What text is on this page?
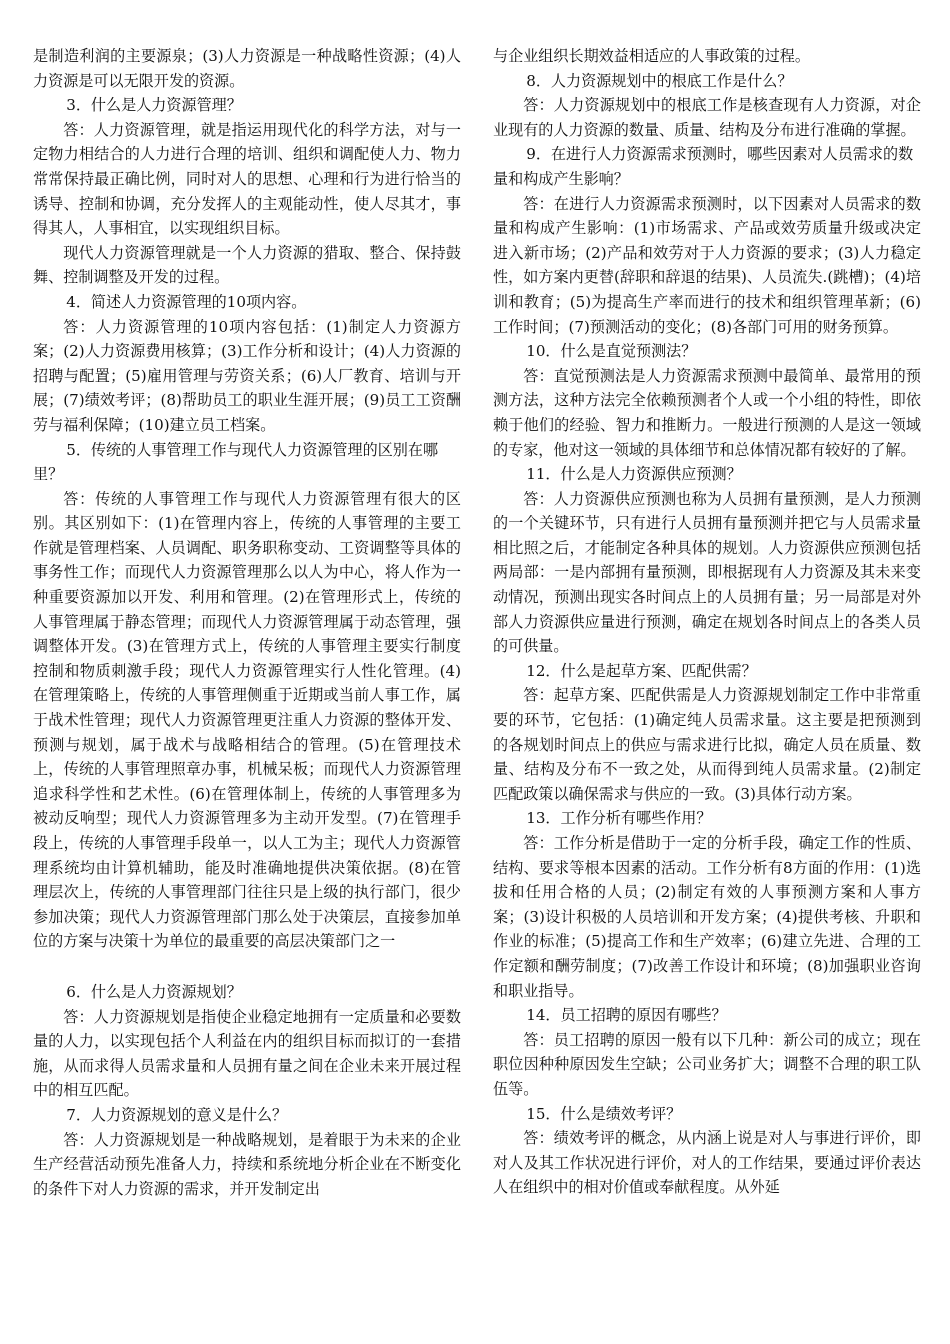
是制造利润的主要源泉；(3)人力资源是一种战略性资源；(4)人力资源是可以无限开发的资源。

3．什么是人力资源管理？

答：人力资源管理，就是指运用现代化的科学方法，对与一定物力相结合的人力进行合理的培训、组织和调配使人力、物力常常保持最正确比例，同时对人的思想、心理和行为进行恰当的诱导、控制和协调，充分发挥人的主观能动性，使人尽其才，事得其人，人事相宜，以实现组织目标。

现代人力资源管理就是一个人力资源的猎取、整合、保持鼓舞、控制调整及开发的过程。

4．简述人力资源管理的10项内容。

答：人力资源管理的10项内容包括：(1)制定人力资源方案；(2)人力资源费用核算；(3)工作分析和设计；(4)人力资源的招聘与配置；(5)雇用管理与劳资关系；(6)人厂教育、培训与开展；(7)绩效考评；(8)帮助员工的职业生涯开展；(9)员工工资酬劳与福利保障；(10)建立员工档案。

5．传统的人事管理工作与现代人力资源管理的区别在哪里？

答：传统的人事管理工作与现代人力资源管理有很大的区别。其区别如下：(1)在管理内容上，传统的人事管理的主要工作就是管理档案、人员调配、职务职称变动、工资调整等具体的事务性工作；而现代人力资源管理那么以人为中心，将人作为一种重要资源加以开发、利用和管理。(2)在管理形式上，传统的人事管理属于静态管理；而现代人力资源管理属于动态管理，强调整体开发。(3)在管理方式上，传统的人事管理主要实行制度控制和物质刺激手段；现代人力资源管理实行人性化管理。(4)在管理策略上，传统的人事管理侧重于近期或当前人事工作，属于战术性管理；现代人力资源管理更注重人力资源的整体开发、预测与规划，属于战术与战略相结合的管理。(5)在管理技术上，传统的人事管理照章办事，机械呆板；而现代人力资源管理追求科学性和艺术性。(6)在管理体制上，传统的人事管理多为被动反响型；现代人力资源管理多为主动开发型。(7)在管理手段上，传统的人事管理手段单一，以人工为主；现代人力资源管理系统均由计算机辅助，能及时准确地提供决策依据。(8)在管理层次上，传统的人事管理部门往往只是上级的执行部门，很少参加决策；现代人力资源管理部门那么处于决策层，直接参加单位的方案与决策十为单位的最重要的高层决策部门之一

6．什么是人力资源规划？

答：人力资源规划是指使企业稳定地拥有一定质量和必要数量的人力，以实现包括个人利益在内的组织目标而拟订的一套措施，从而求得人员需求量和人员拥有量之间在企业未来开展过程中的相互匹配。

7．人力资源规划的意义是什么？

答：人力资源规划是一种战略规划，是着眼于为未来的企业生产经营活动预先准备人力，持续和系统地分析企业在不断变化的条件下对人力资源的需求，并开发制定出

与企业组织长期效益相适应的人事政策的过程。

8．人力资源规划中的根底工作是什么？

答：人力资源规划中的根底工作是核查现有人力资源，对企业现有的人力资源的数量、质量、结构及分布进行准确的掌握。

9．在进行人力资源需求预测时，哪些因素对人员需求的数量和构成产生影响？

答：在进行人力资源需求预测时，以下因素对人员需求的数量和构成产生影响：(1)市场需求、产品或效劳质量升级或决定进入新市场；(2)产品和效劳对于人力资源的要求；(3)人力稳定性，如方案内更替(辞职和辞退的结果)、人员流失.(跳槽)；(4)培训和教育；(5)为提高生产率而进行的技术和组织管理革新；(6)工作时间；(7)预测活动的变化；(8)各部门可用的财务预算。

10．什么是直觉预测法？

答：直觉预测法是人力资源需求预测中最简单、最常用的预测方法，这种方法完全依赖预测者个人或一个小组的特性，即依赖于他们的经验、智力和推断力。一般进行预测的人是这一领域的专家，他对这一领域的具体细节和总体情况都有较好的了解。

11．什么是人力资源供应预测？

答：人力资源供应预测也称为人员拥有量预测，是人力预测的一个关键环节，只有进行人员拥有量预测并把它与人员需求量相比照之后，才能制定各种具体的规划。人力资源供应预测包括两局部：一是内部拥有量预测，即根据现有人力资源及其未来变动情况，预测出现实各时间点上的人员拥有量；另一局部是对外部人力资源供应量进行预测，确定在规划各时间点上的各类人员的可供量。

12．什么是起草方案、匹配供需？

答：起草方案、匹配供需是人力资源规划制定工作中非常重要的环节，它包括：(1)确定纯人员需求量。这主要是把预测到的各规划时间点上的供应与需求进行比拟，确定人员在质量、数量、结构及分布不一致之处，从而得到纯人员需求量。(2)制定匹配政策以确保需求与供应的一致。(3)具体行动方案。

13．工作分析有哪些作用？

答：工作分析是借助于一定的分析手段，确定工作的性质、结构、要求等根本因素的活动。工作分析有8方面的作用：(1)选拔和任用合格的人员；(2)制定有效的人事预测方案和人事方案；(3)设计积极的人员培训和开发方案；(4)提供考核、升职和作业的标准；(5)提高工作和生产效率；(6)建立先进、合理的工作定额和酬劳制度；(7)改善工作设计和环境；(8)加强职业咨询和职业指导。

14．员工招聘的原因有哪些？

答：员工招聘的原因一般有以下几种：新公司的成立；现在职位因种种原因发生空缺；公司业务扩大；调整不合理的职工队伍等。

15．什么是绩效考评？

答：绩效考评的概念，从内涵上说是对人与事进行评价，即对人及其工作状况进行评价，对人的工作结果，要通过评价表达人在组织中的相对价值或奉献程度。从外延
